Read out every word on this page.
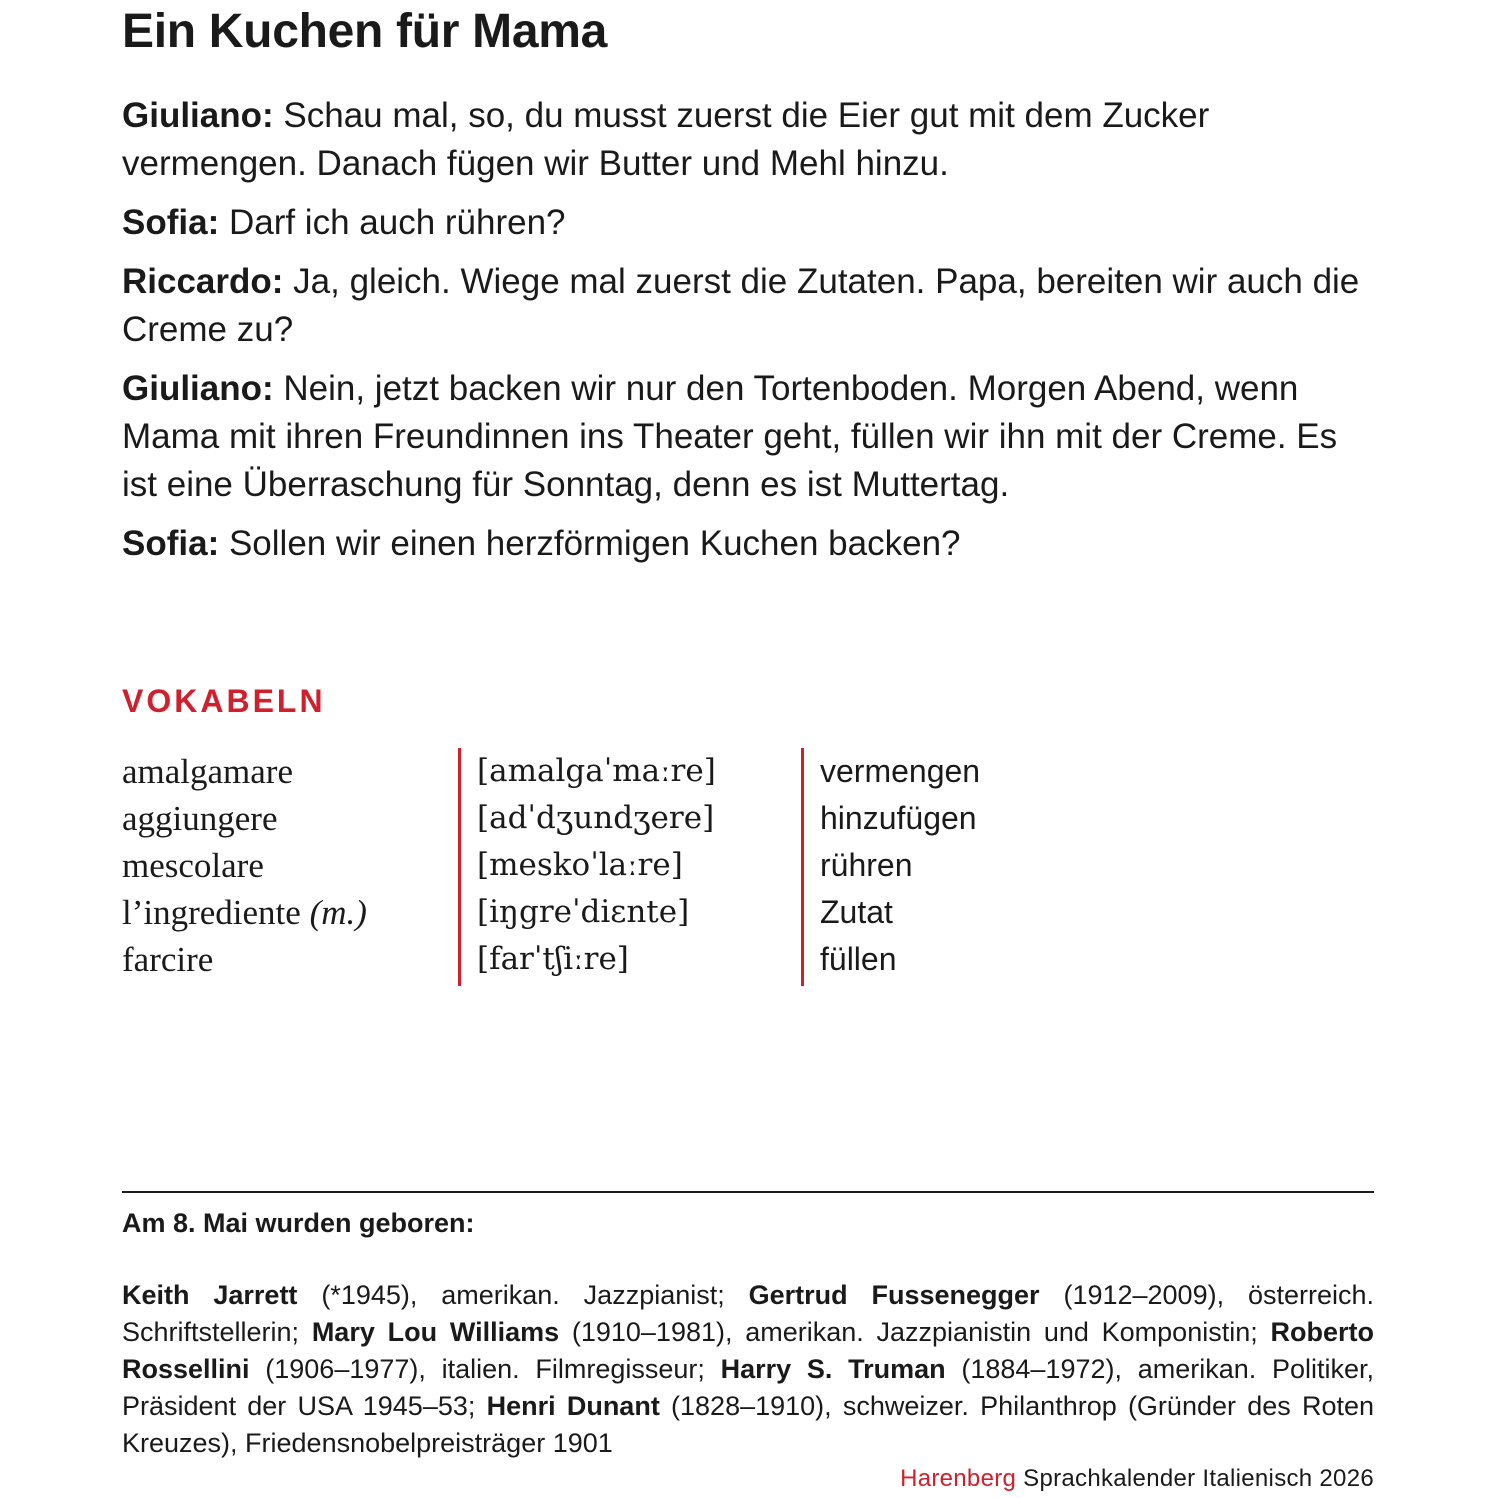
Ein Kuchen für Mama

Giuliano: Schau mal, so, du musst zuerst die Eier gut mit dem Zucker vermengen. Danach fügen wir Butter und Mehl hinzu.

Sofia: Darf ich auch rühren?

Riccardo: Ja, gleich. Wiege mal zuerst die Zutaten. Papa, bereiten wir auch die Creme zu?

Giuliano: Nein, jetzt backen wir nur den Tortenboden. Morgen Abend, wenn Mama mit ihren Freundinnen ins Theater geht, füllen wir ihn mit der Creme. Es ist eine Überraschung für Sonntag, denn es ist Muttertag.

Sofia: Sollen wir einen herzförmigen Kuchen backen?

VOKABELN
amalgamare	[amalgaˈmaːre]	vermengen
aggiungere	[adˈdʒundʒere]	hinzufügen
mescolare	[meskoˈlaːre]	rühren
l’ingrediente (m.)	[iŋgreˈdiɛnte]	Zutat
farcire	[farˈtʃiːre]	füllen
Am 8. Mai wurden geboren:

Keith Jarrett (*1945), amerikan. Jazzpianist; Gertrud Fussenegger (1912–2009), österreich. Schriftstellerin; Mary Lou Williams (1910–1981), amerikan. Jazzpianistin und Komponistin; Roberto Rossellini (1906–1977), italien. Filmregisseur; Harry S. Truman (1884–1972), amerikan. Politiker, Präsident der USA 1945–53; Henri Dunant (1828–1910), schweizer. Philanthrop (Gründer des Roten Kreuzes), Friedensnobelpreisträger 1901

Harenberg Sprachkalender Italienisch 2026
